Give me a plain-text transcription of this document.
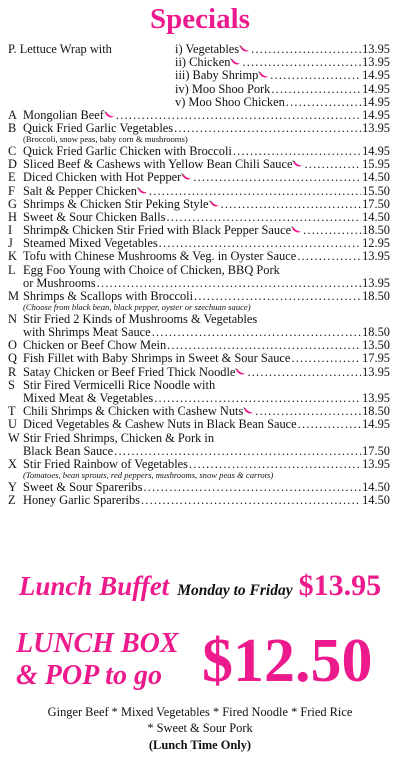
Specials
P. Lettuce Wrap with	i) Vegetables .....	13.95
ii) Chicken .....	13.95
iii) Baby Shrimp .....	14.95
iv) Moo Shoo Pork .....	14.95
v) Moo Shoo Chicken .....	14.95
A Mongolian Beef .....	14.95
B Quick Fried Garlic Vegetables .....	13.95
(Broccoli, snow peas, baby corn & mushrooms)
C Quick Fried Garlic Chicken with Broccoli .....	14.95
D Sliced Beef & Cashews with Yellow Bean Chili Sauce .....	15.95
E Diced Chicken with Hot Pepper .....	14.50
F Salt & Pepper Chicken .....	15.50
G Shrimps & Chicken Stir Peking Style .....	17.50
H Sweet & Sour Chicken Balls .....	14.50
I Shrimp& Chicken Stir Fried with Black Pepper Sauce .....	18.50
J Steamed Mixed Vegetables .....	12.95
K Tofu with Chinese Mushrooms & Veg. in Oyster Sauce .....	13.95
L Egg Foo Young with Choice of Chicken, BBQ Pork
or Mushrooms .....	13.95
M Shrimps & Scallops with Broccoli .....	18.50
(Choose from black bean, black pepper, oyster or szechuan sauce)
N Stir Fried 2 Kinds of Mushrooms & Vegetables
with Shrimps Meat Sauce .....	18.50
O Chicken or Beef Chow Mein .....	13.50
Q Fish Fillet with Baby Shrimps in Sweet & Sour Sauce .....	17.95
R Satay Chicken or Beef Fried Thick Noodle .....	13.95
S Stir Fired Vermicelli Rice Noodle with
Mixed Meat & Vegetables .....	13.95
T Chili Shrimps & Chicken with Cashew Nuts .....	18.50
U Diced Vegetables & Cashew Nuts in Black Bean Sauce .....	14.95
W Stir Fried Shrimps, Chicken & Pork in
Black Bean Sauce .....	17.50
X Stir Fried Rainbow of Vegetables .....	13.95
(Tomatoes, bean sprouts, red peppers, mushrooms, snow peas & carrots)
Y Sweet & Sour Spareribs .....	14.50
Z Honey Garlic Spareribs .....	14.50
Lunch Buffet Monday to Friday $13.95
LUNCH BOX
& POP to go $12.50
Ginger Beef * Mixed Vegetables * Fired Noodle * Fried Rice
* Sweet & Sour Pork
(Lunch Time Only)
